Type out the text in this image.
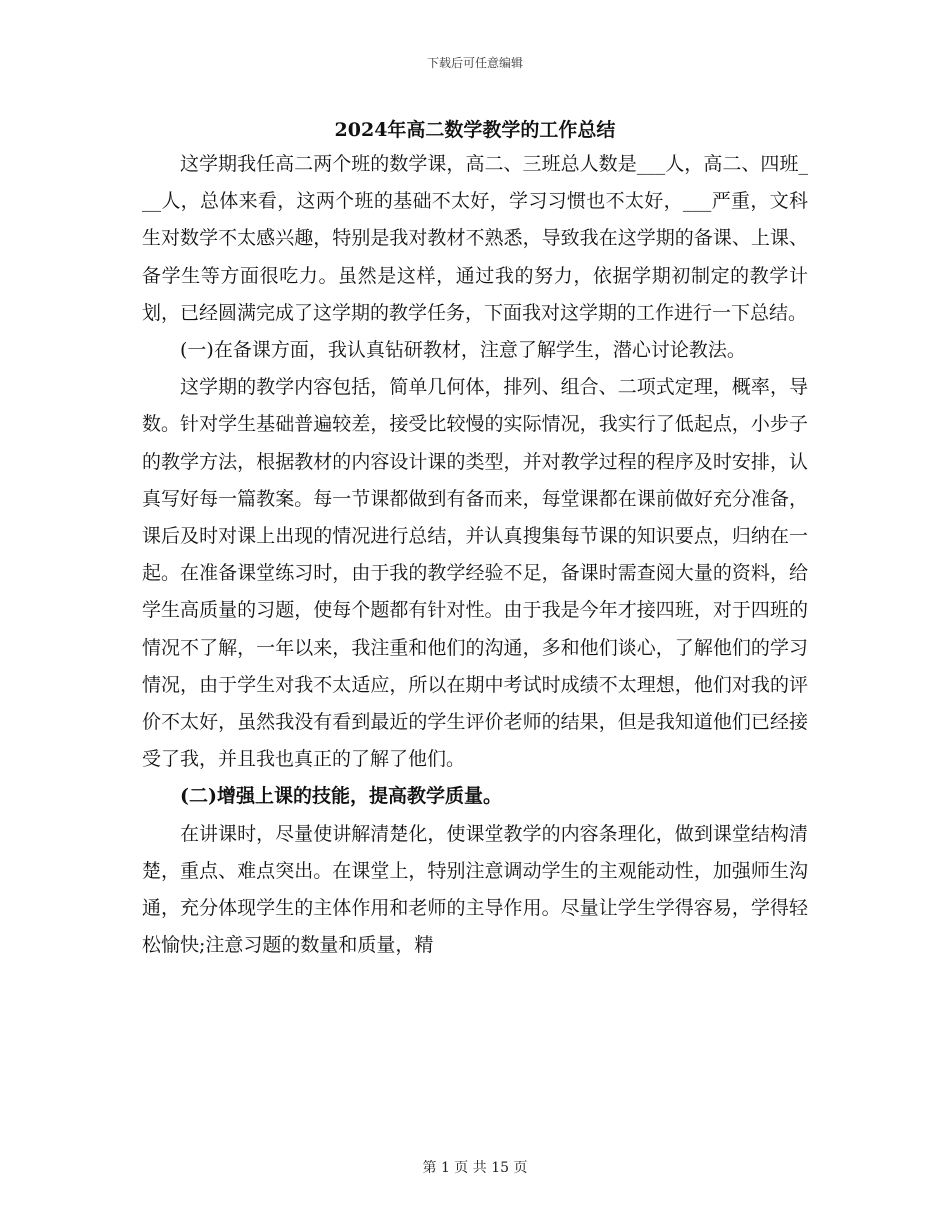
下载后可任意编辑
2024年高二数学教学的工作总结

这学期我任高二两个班的数学课，高二、三班总人数是___人，高二、四班___人，总体来看，这两个班的基础不太好，学习习惯也不太好，___严重，文科生对数学不太感兴趣，特别是我对教材不熟悉，导致我在这学期的备课、上课、备学生等方面很吃力。虽然是这样，通过我的努力，依据学期初制定的教学计划，已经圆满完成了这学期的教学任务，下面我对这学期的工作进行一下总结。

(一)在备课方面，我认真钻研教材，注意了解学生，潜心讨论教法。

这学期的教学内容包括，简单几何体，排列、组合、二项式定理，概率，导数。针对学生基础普遍较差，接受比较慢的实际情况，我实行了低起点，小步子的教学方法，根据教材的内容设计课的类型，并对教学过程的程序及时安排，认真写好每一篇教案。每一节课都做到有备而来，每堂课都在课前做好充分准备，课后及时对课上出现的情况进行总结，并认真搜集每节课的知识要点，归纳在一起。在准备课堂练习时，由于我的教学经验不足，备课时需查阅大量的资料，给学生高质量的习题，使每个题都有针对性。由于我是今年才接四班，对于四班的情况不了解，一年以来，我注重和他们的沟通，多和他们谈心，了解他们的学习情况，由于学生对我不太适应，所以在期中考试时成绩不太理想，他们对我的评价不太好，虽然我没有看到最近的学生评价老师的结果，但是我知道他们已经接受了我，并且我也真正的了解了他们。

(二)增强上课的技能，提高教学质量。

在讲课时，尽量使讲解清楚化，使课堂教学的内容条理化，做到课堂结构清楚，重点、难点突出。在课堂上，特别注意调动学生的主观能动性，加强师生沟通，充分体现学生的主体作用和老师的主导作用。尽量让学生学得容易，学得轻松愉快;注意习题的数量和质量，精

第 1 页 共 15 页
